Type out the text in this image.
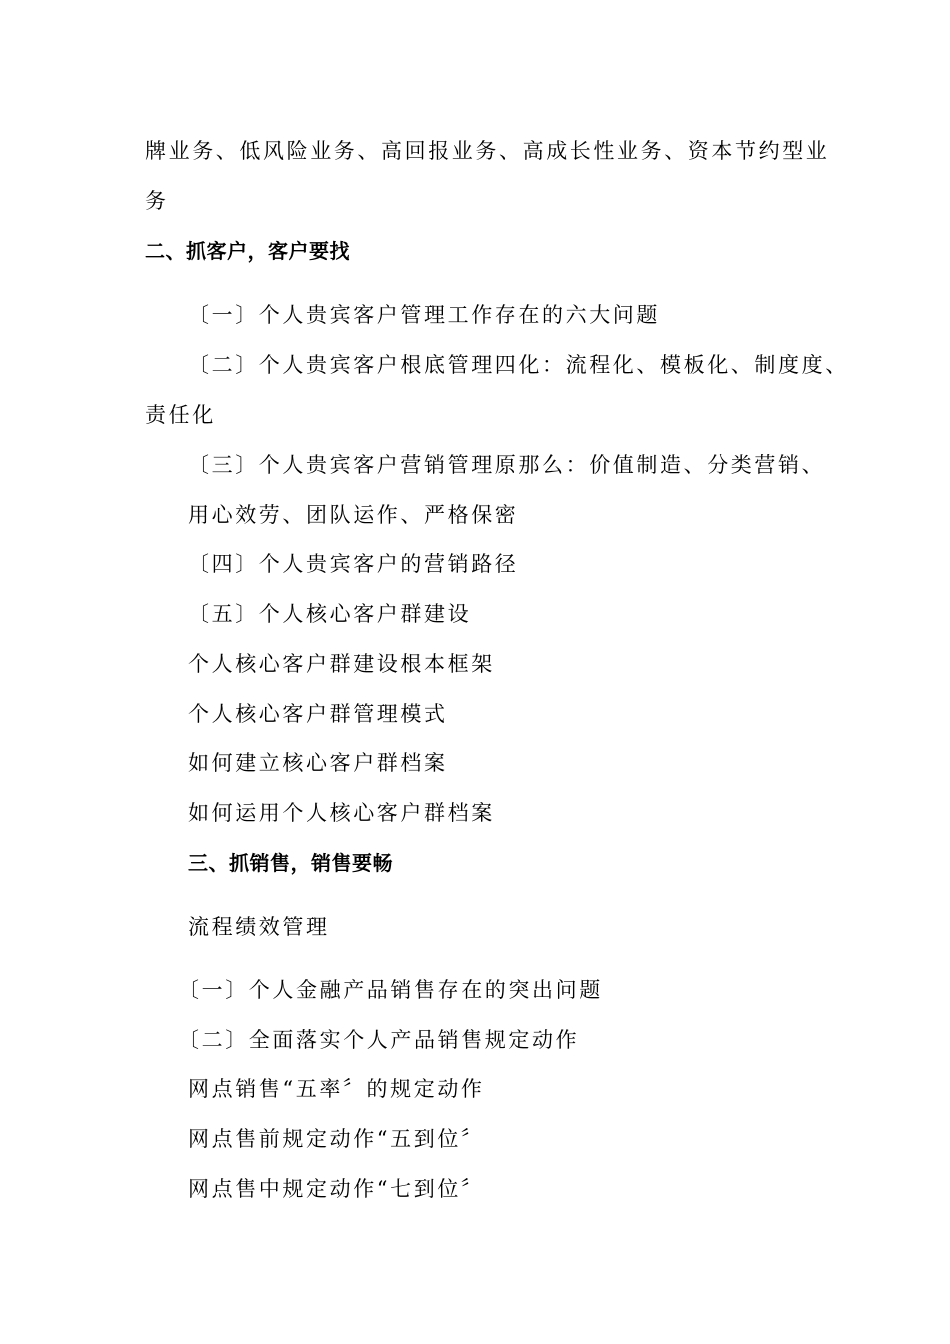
牌业务、低风险业务、高回报业务、高成长性业务、资本节约型业
务
二、抓客户，客户要找
〔一〕个人贵宾客户管理工作存在的六大问题
〔二〕个人贵宾客户根底管理四化：流程化、模板化、制度度、
责任化
〔三〕个人贵宾客户营销管理原那么：价值制造、分类营销、
用心效劳、团队运作、严格保密
〔四〕个人贵宾客户的营销路径
〔五〕个人核心客户群建设
个人核心客户群建设根本框架
个人核心客户群管理模式
如何建立核心客户群档案
如何运用个人核心客户群档案
三、抓销售，销售要畅
流程绩效管理
〔一〕个人金融产品销售存在的突出问题
〔二〕全面落实个人产品销售规定动作
网点销售“五率〞的规定动作
网点售前规定动作“五到位〞
网点售中规定动作“七到位〞
